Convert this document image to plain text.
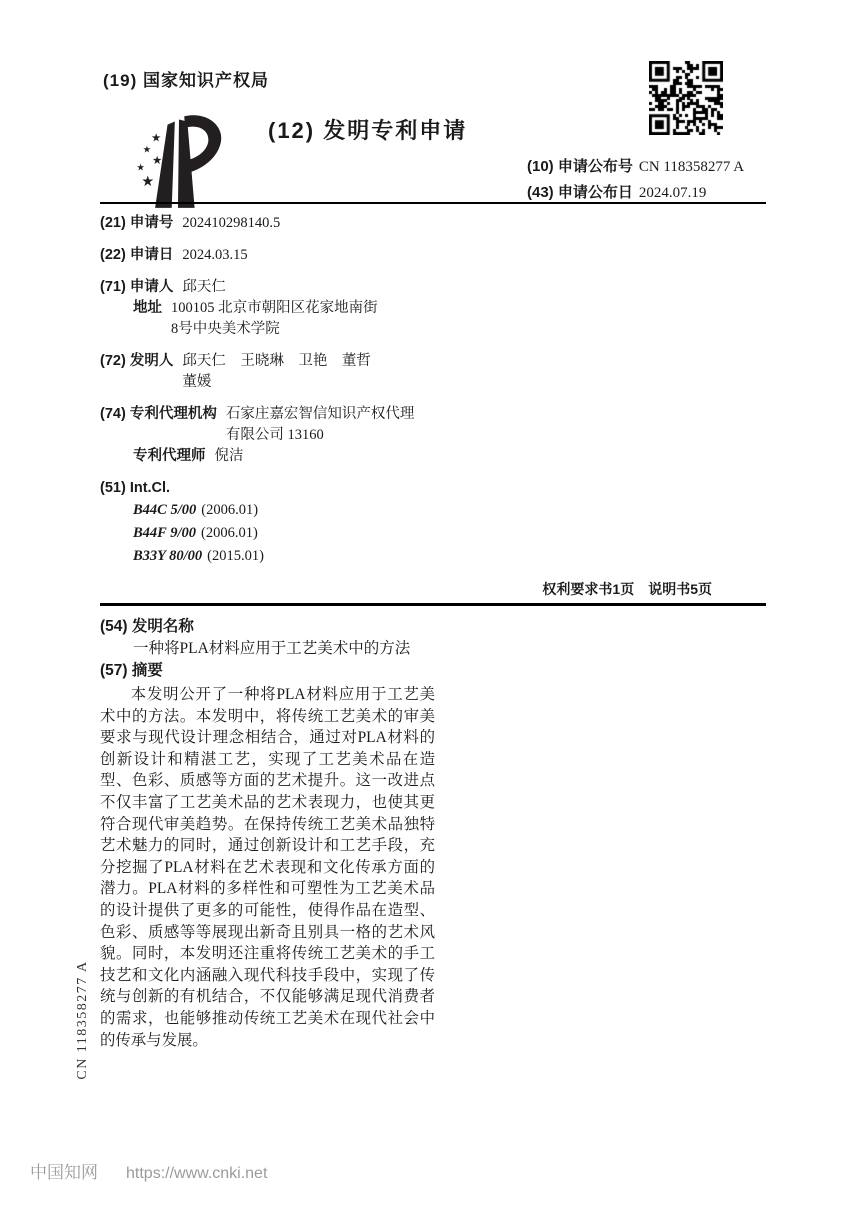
(19) 国家知识产权局
★
★
★
★
★
(12) 发明专利申请
(10) 申请公布号 CN 118358277 A
(43) 申请公布日 2024.07.19
(21) 申请号 202410298140.5
(22) 申请日 2024.03.15
(71) 申请人 邱天仁
地址 100105 北京市朝阳区花家地南街8号中央美术学院
(72) 发明人 邱天仁　王晓琳　卫艳　董哲　董媛
(74) 专利代理机构 石家庄嘉宏智信知识产权代理有限公司 13160
专利代理师 倪洁
(51) Int.Cl.
B44C 5/00 (2006.01)
B44F 9/00 (2006.01)
B33Y 80/00 (2015.01)
权利要求书1页　说明书5页
(54) 发明名称
一种将PLA材料应用于工艺美术中的方法
(57) 摘要
本发明公开了一种将PLA材料应用于工艺美术中的方法。本发明中，将传统工艺美术的审美要求与现代设计理念相结合，通过对PLA材料的创新设计和精湛工艺，实现了工艺美术品在造型、色彩、质感等方面的艺术提升。这一改进点不仅丰富了工艺美术品的艺术表现力，也使其更符合现代审美趋势。在保持传统工艺美术品独特艺术魅力的同时，通过创新设计和工艺手段，充分挖掘了PLA材料在艺术表现和文化传承方面的潜力。PLA材料的多样性和可塑性为工艺美术品的设计提供了更多的可能性，使得作品在造型、色彩、质感等等展现出新奇且别具一格的艺术风貌。同时，本发明还注重将传统工艺美术的手工技艺和文化内涵融入现代科技手段中，实现了传统与创新的有机结合，不仅能够满足现代消费者的需求，也能够推动传统工艺美术在现代社会中的传承与发展。
CN 118358277 A
中国知网 https://www.cnki.net
